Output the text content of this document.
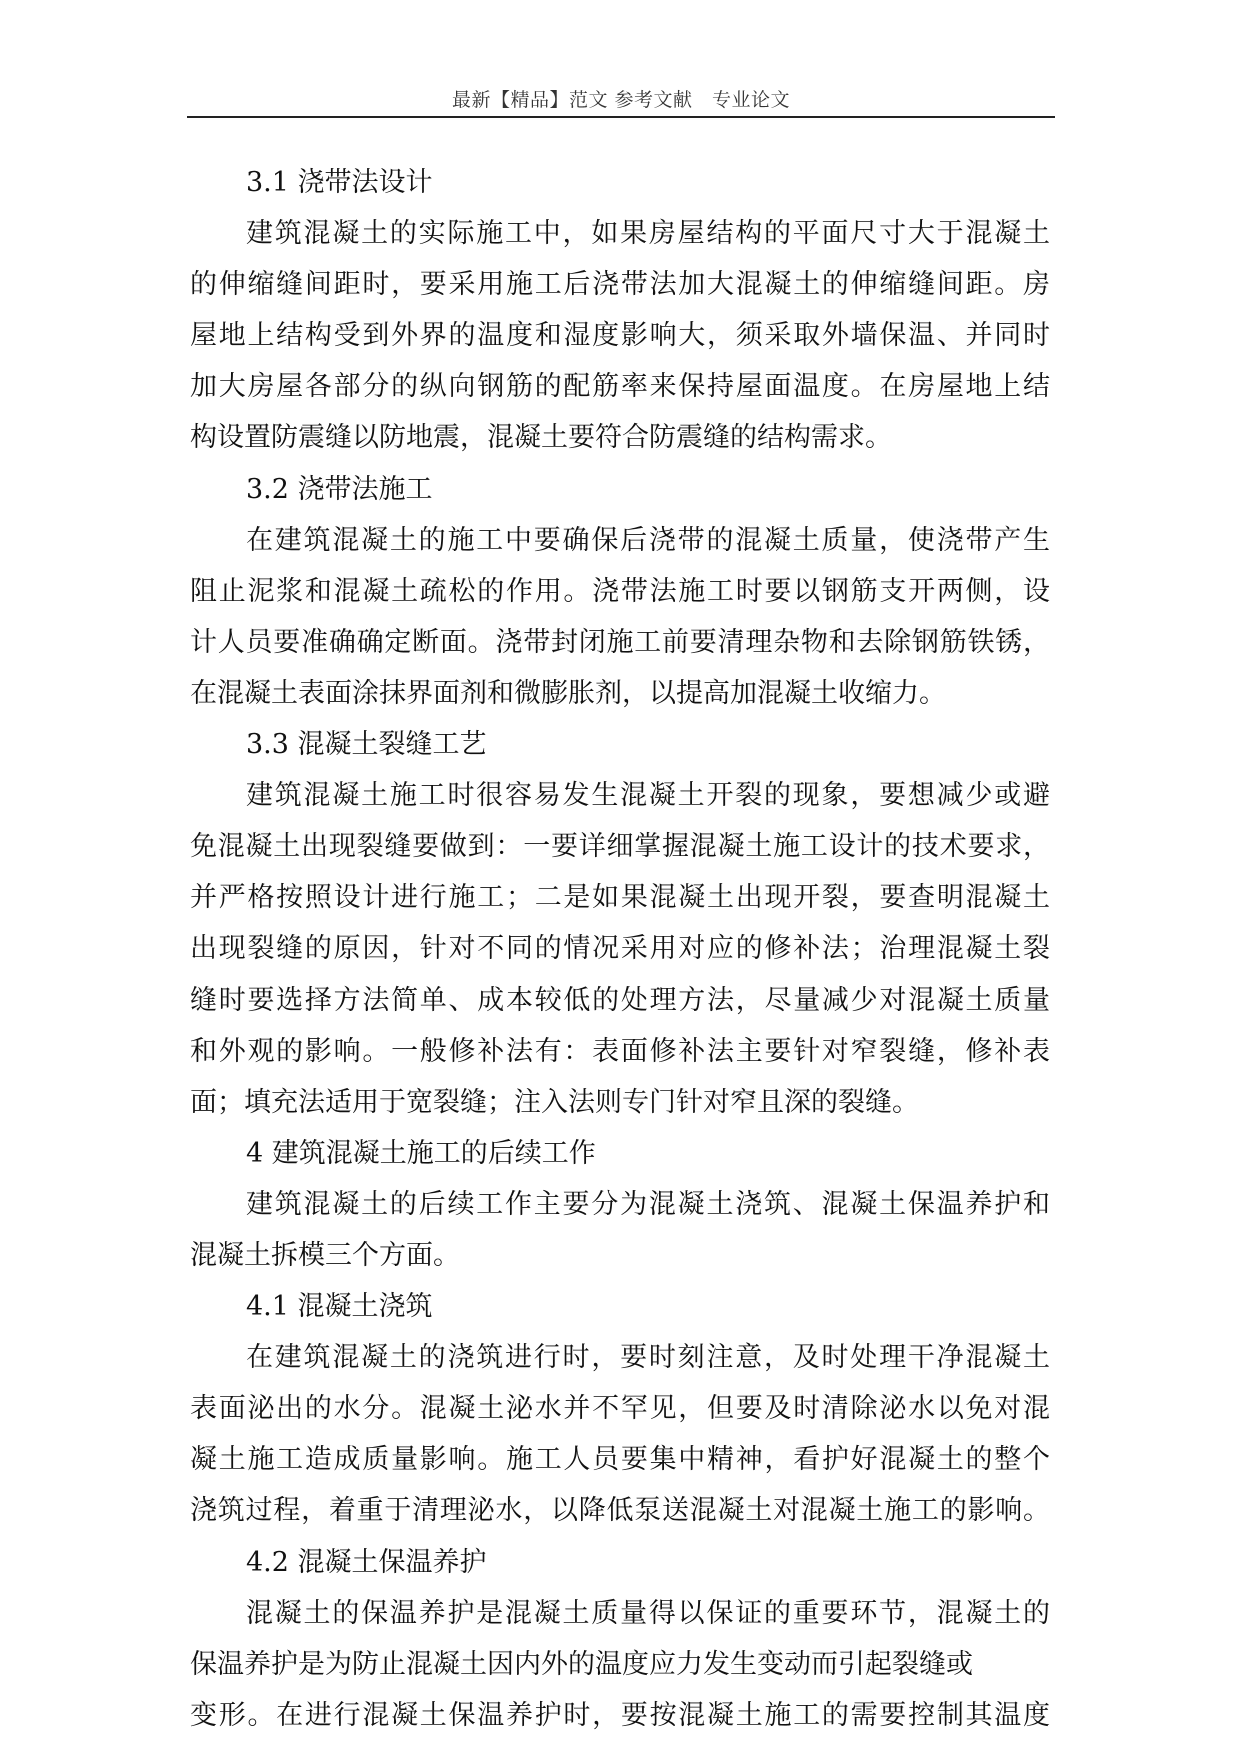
最新【精品】范文 参考文献　专业论文
3.1 浇带法设计
建筑混凝土的实际施工中，如果房屋结构的平面尺寸大于混凝土
的伸缩缝间距时，要采用施工后浇带法加大混凝土的伸缩缝间距。房
屋地上结构受到外界的温度和湿度影响大，须采取外墙保温、并同时
加大房屋各部分的纵向钢筋的配筋率来保持屋面温度。在房屋地上结
构设置防震缝以防地震，混凝土要符合防震缝的结构需求。
3.2 浇带法施工
在建筑混凝土的施工中要确保后浇带的混凝土质量，使浇带产生
阻止泥浆和混凝土疏松的作用。浇带法施工时要以钢筋支开两侧，设
计人员要准确确定断面。浇带封闭施工前要清理杂物和去除钢筋铁锈，
在混凝土表面涂抹界面剂和微膨胀剂，以提高加混凝土收缩力。
3.3 混凝土裂缝工艺
建筑混凝土施工时很容易发生混凝土开裂的现象，要想减少或避
免混凝土出现裂缝要做到：一要详细掌握混凝土施工设计的技术要求，
并严格按照设计进行施工；二是如果混凝土出现开裂，要查明混凝土
出现裂缝的原因，针对不同的情况采用对应的修补法；治理混凝土裂
缝时要选择方法简单、成本较低的处理方法，尽量减少对混凝土质量
和外观的影响。一般修补法有：表面修补法主要针对窄裂缝，修补表
面；填充法适用于宽裂缝；注入法则专门针对窄且深的裂缝。
4 建筑混凝土施工的后续工作
建筑混凝土的后续工作主要分为混凝土浇筑、混凝土保温养护和
混凝土拆模三个方面。
4.1 混凝土浇筑
在建筑混凝土的浇筑进行时，要时刻注意，及时处理干净混凝土
表面泌出的水分。混凝土泌水并不罕见，但要及时清除泌水以免对混
凝土施工造成质量影响。施工人员要集中精神，看护好混凝土的整个
浇筑过程，着重于清理泌水，以降低泵送混凝土对混凝土施工的影响。
4.2 混凝土保温养护
混凝土的保温养护是混凝土质量得以保证的重要环节，混凝土的
保温养护是为防止混凝土因内外的温度应力发生变动而引起裂缝或
变形。在进行混凝土保温养护时，要按混凝土施工的需要控制其温度
